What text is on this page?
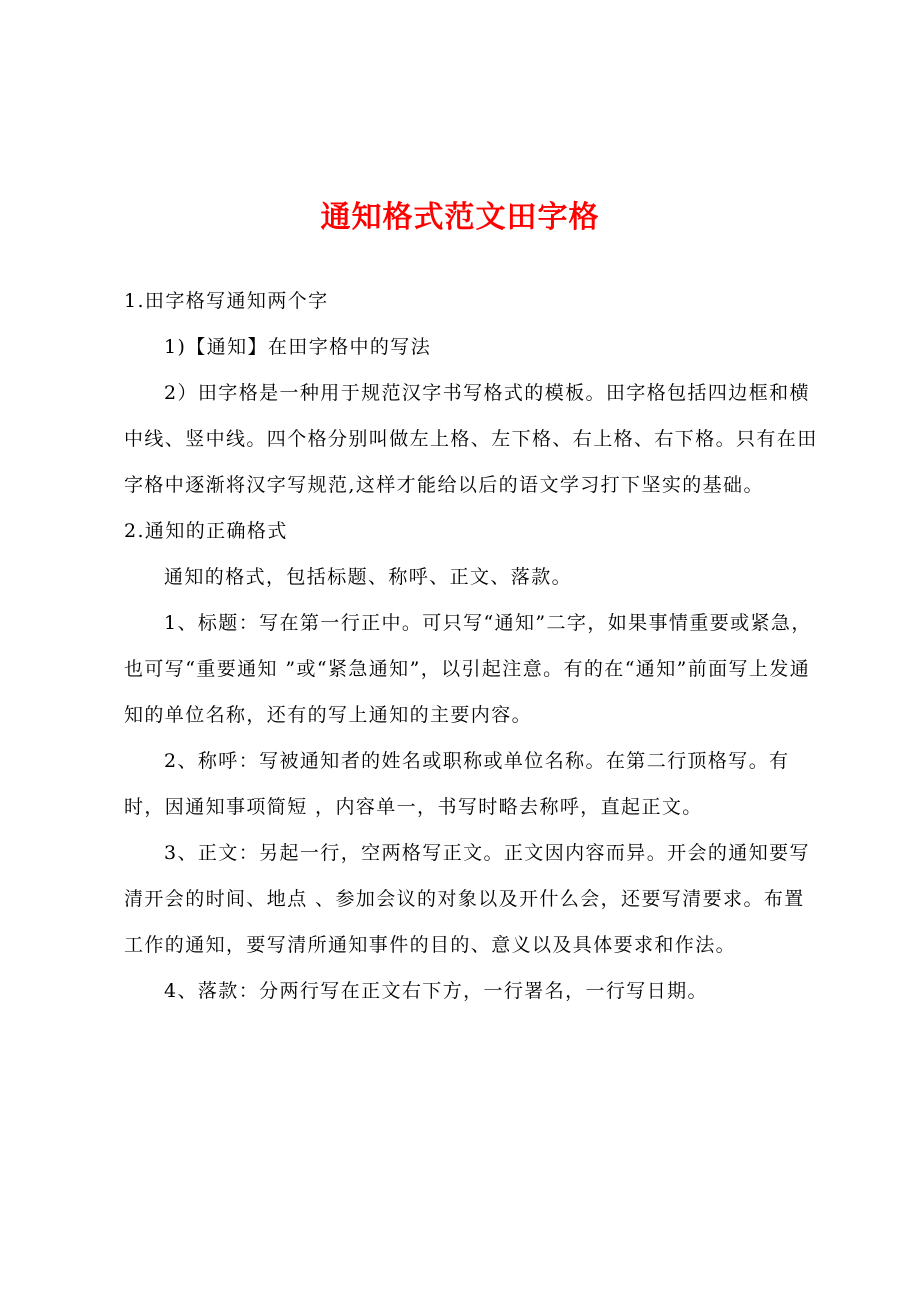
通知格式范文田字格

1.田字格写通知两个字

1)【通知】在田字格中的写法

2）田字格是一种用于规范汉字书写格式的模板。田字格包括四边框和横中线、竖中线。四个格分别叫做左上格、左下格、右上格、右下格。只有在田字格中逐渐将汉字写规范,这样才能给以后的语文学习打下坚实的基础。

2.通知的正确格式

通知的格式，包括标题、称呼、正文、落款。

1、标题：写在第一行正中。可只写“通知”二字，如果事情重要或紧急，也可写“重要通知 ”或“紧急通知”，以引起注意。有的在“通知”前面写上发通知的单位名称，还有的写上通知的主要内容。

2、称呼：写被通知者的姓名或职称或单位名称。在第二行顶格写。有时，因通知事项简短 ，内容单一，书写时略去称呼，直起正文。

3、正文：另起一行，空两格写正文。正文因内容而异。开会的通知要写清开会的时间、地点 、参加会议的对象以及开什么会，还要写清要求。布置工作的通知，要写清所通知事件的目的、意义以及具体要求和作法。

4、落款：分两行写在正文右下方，一行署名，一行写日期。
